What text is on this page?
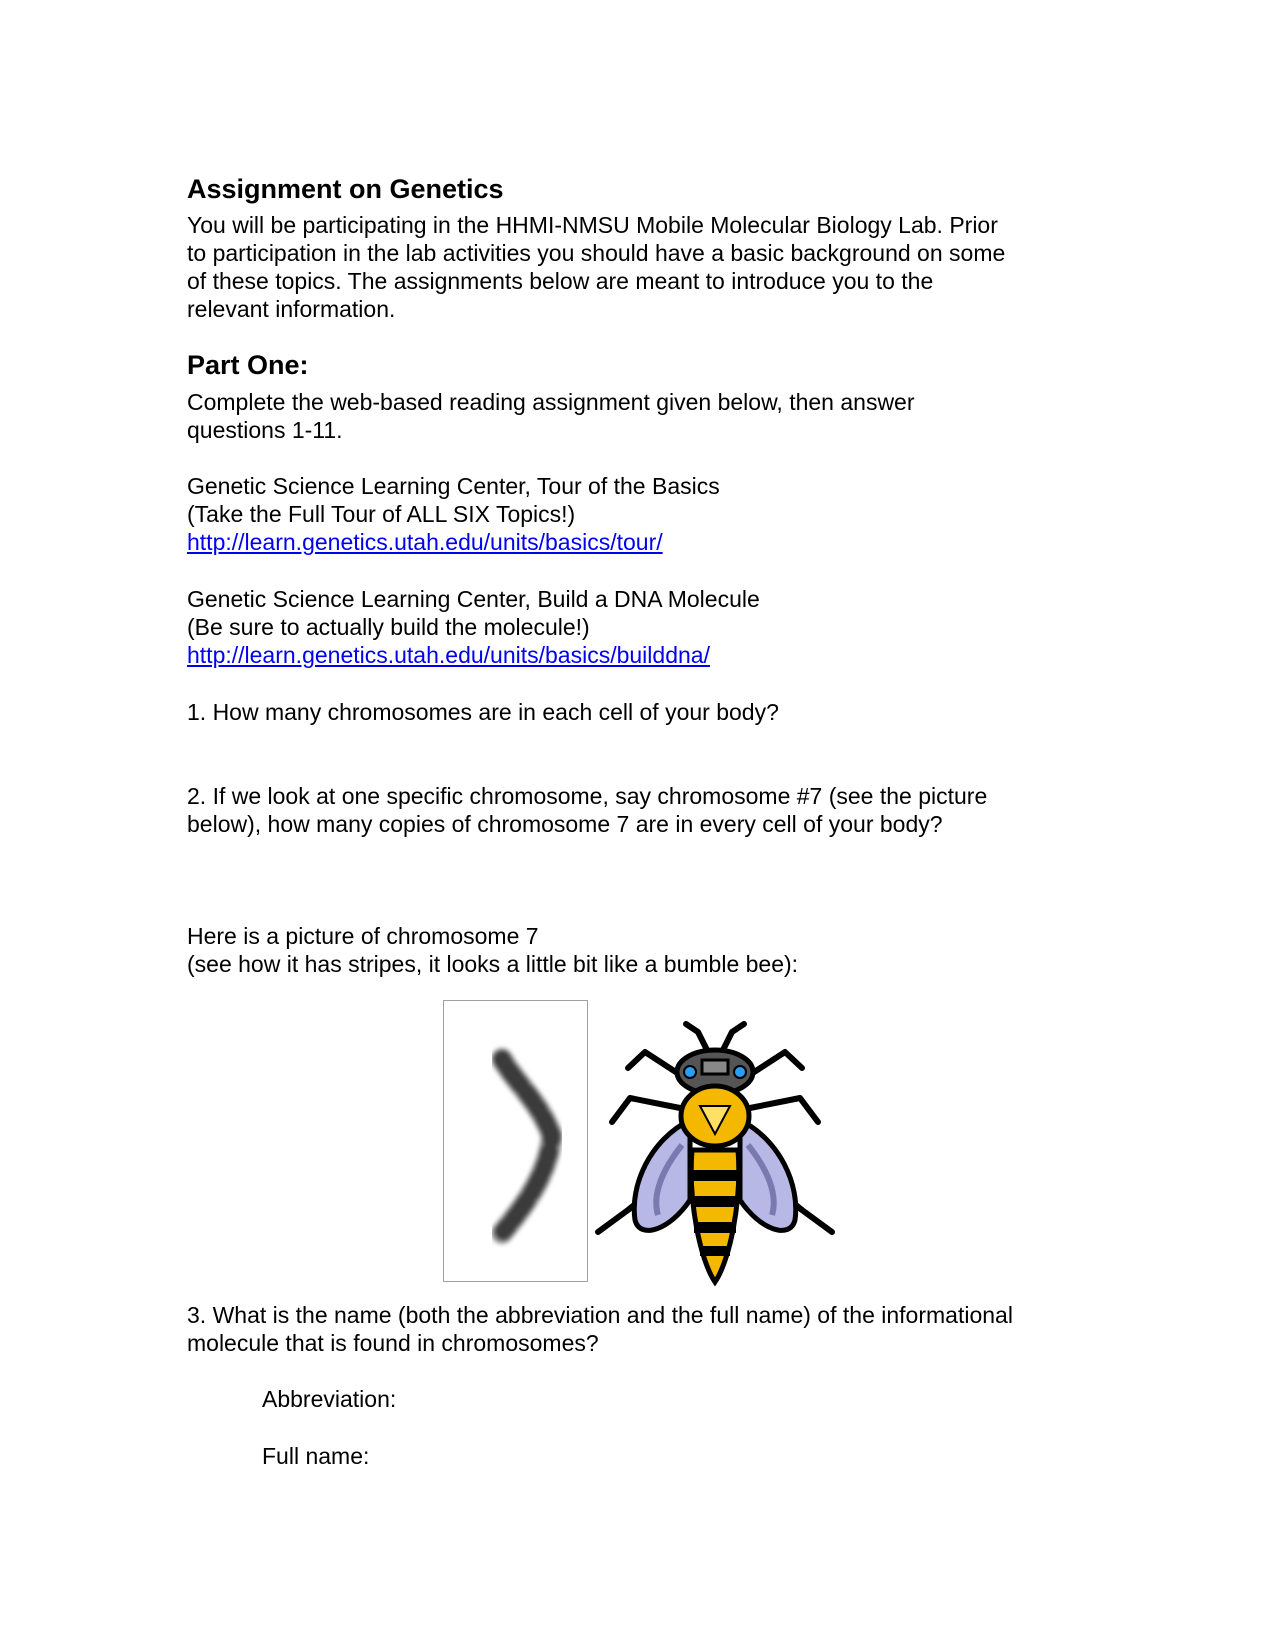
Assignment on Genetics

You will be participating in the HHMI-NMSU Mobile Molecular Biology Lab. Prior

to participation in the lab activities you should have a basic background on some

of these topics. The assignments below are meant to introduce you to the

relevant information.

Part One:

Complete the web-based reading assignment given below, then answer

questions 1-11.

Genetic Science Learning Center, Tour of the Basics

(Take the Full Tour of ALL SIX Topics!)

http://learn.genetics.utah.edu/units/basics/tour/

Genetic Science Learning Center, Build a DNA Molecule

(Be sure to actually build the molecule!)

http://learn.genetics.utah.edu/units/basics/builddna/

1. How many chromosomes are in each cell of your body?

2. If we look at one specific chromosome, say chromosome #7 (see the picture

below), how many copies of chromosome 7 are in every cell of your body?

Here is a picture of chromosome 7

(see how it has stripes, it looks a little bit like a bumble bee):

3. What is the name (both the abbreviation and the full name) of the informational

molecule that is found in chromosomes?

Abbreviation:

Full name:
